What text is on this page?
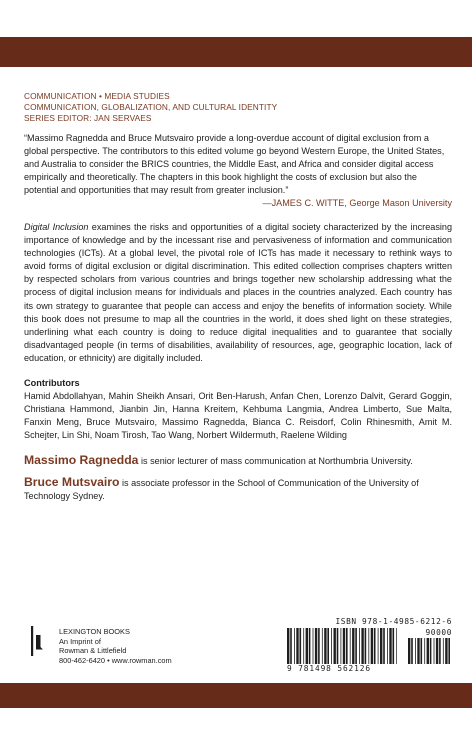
COMMUNICATION • MEDIA STUDIES
COMMUNICATION, GLOBALIZATION, AND CULTURAL IDENTITY
SERIES EDITOR: JAN SERVAES
“Massimo Ragnedda and Bruce Mutsvairo provide a long-overdue account of digital exclusion from a global perspective. The contributors to this edited volume go beyond Western Europe, the United States, and Australia to consider the BRICS countries, the Middle East, and Africa and consider digital access empirically and theoretically. The chapters in this book highlight the costs of exclusion but also the potential and opportunities that may result from greater inclusion.”
—JAMES C. WITTE, George Mason University
Digital Inclusion examines the risks and opportunities of a digital society characterized by the increasing importance of knowledge and by the incessant rise and pervasiveness of information and communication technologies (ICTs). At a global level, the pivotal role of ICTs has made it necessary to rethink ways to avoid forms of digital exclusion or digital discrimination. This edited collection comprises chapters written by respected scholars from various countries and brings together new scholarship addressing what the process of digital inclusion means for individuals and places in the countries analyzed. Each country has its own strategy to guarantee that people can access and enjoy the benefits of information society. While this book does not presume to map all the countries in the world, it does shed light on these strategies, underlining what each country is doing to reduce digital inequalities and to guarantee that socially disadvantaged people (in terms of disabilities, availability of resources, age, geographic location, lack of education, or ethnicity) are digitally included.
Contributors
Hamid Abdollahyan, Mahin Sheikh Ansari, Orit Ben-Harush, Anfan Chen, Lorenzo Dalvit, Gerard Goggin, Christiana Hammond, Jianbin Jin, Hanna Kreitem, Kehbuma Langmia, Andrea Limberto, Sue Malta, Fanxin Meng, Bruce Mutsvairo, Massimo Ragnedda, Bianca C. Reisdorf, Colin Rhinesmith, Amit M. Schejter, Lin Shi, Noam Tirosh, Tao Wang, Norbert Wildermuth, Raelene Wilding
Massimo Ragnedda is senior lecturer of mass communication at Northumbria University.
Bruce Mutsvairo is associate professor in the School of Communication of the University of Technology Sydney.
LEXINGTON BOOKS
An Imprint of
Rowman & Littlefield
800-462-6420 • www.rowman.com
ISBN 978-1-4985-6212-6
90000
9 781498 562126
